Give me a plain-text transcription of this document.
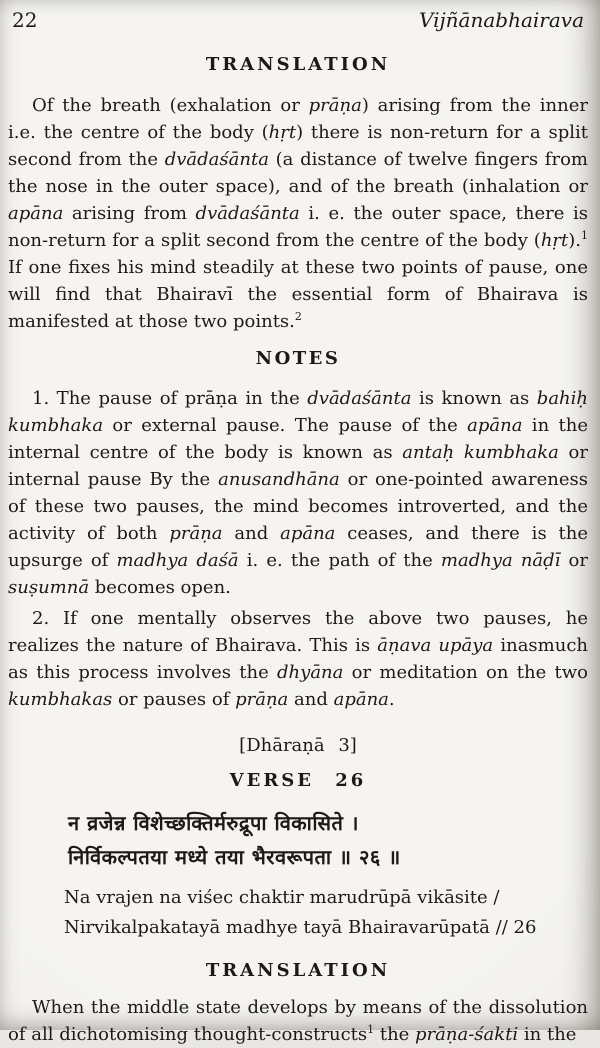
22	Vijñānabhairava
TRANSLATION

Of the breath (exhalation or prāṇa) arising from the inner i.e. the centre of the body (hṛt) there is non-return for a split second from the dvādaśānta (a distance of twelve fingers from the nose in the outer space), and of the breath (inhalation or apāna arising from dvādaśānta i. e. the outer space, there is non-return for a split second from the centre of the body (hṛt).$^1$ If one fixes his mind steadily at these two points of pause, one will find that Bhairavī the essential form of Bhairava is manifested at those two points.$^2$

NOTES

1. The pause of prāṇa in the dvādaśānta is known as bahiḥ kumbhaka or external pause. The pause of the apāna in the internal centre of the body is known as antaḥ kumbhaka or internal pause By the anusandhāna or one-pointed awareness of these two pauses, the mind becomes introverted, and the activity of both prāṇa and apāna ceases, and there is the upsurge of madhya daśā i. e. the path of the madhya nāḍī or suṣumnā becomes open.

2. If one mentally observes the above two pauses, he realizes the nature of Bhairava. This is āṇava upāya inasmuch as this process involves the dhyāna or meditation on the two kumbhakas or pauses of prāṇa and apāna.

[Dhāraṇā 3]

VERSE 26
न व्रजेन्न विशेच्छक्तिर्मरुद्रूपा विकासिते ।
निर्विकल्पतया मध्ये तया भैरवरूपता ॥ २६ ॥
Na vrajen na viśec chaktir marudrūpā vikāsite /
Nirvikalpakatayā madhye tayā Bhairavarūpatā // 26
TRANSLATION

When the middle state develops by means of the dissolution of all dichotomising thought-constructs$^1$ the prāṇa-śakti in the
